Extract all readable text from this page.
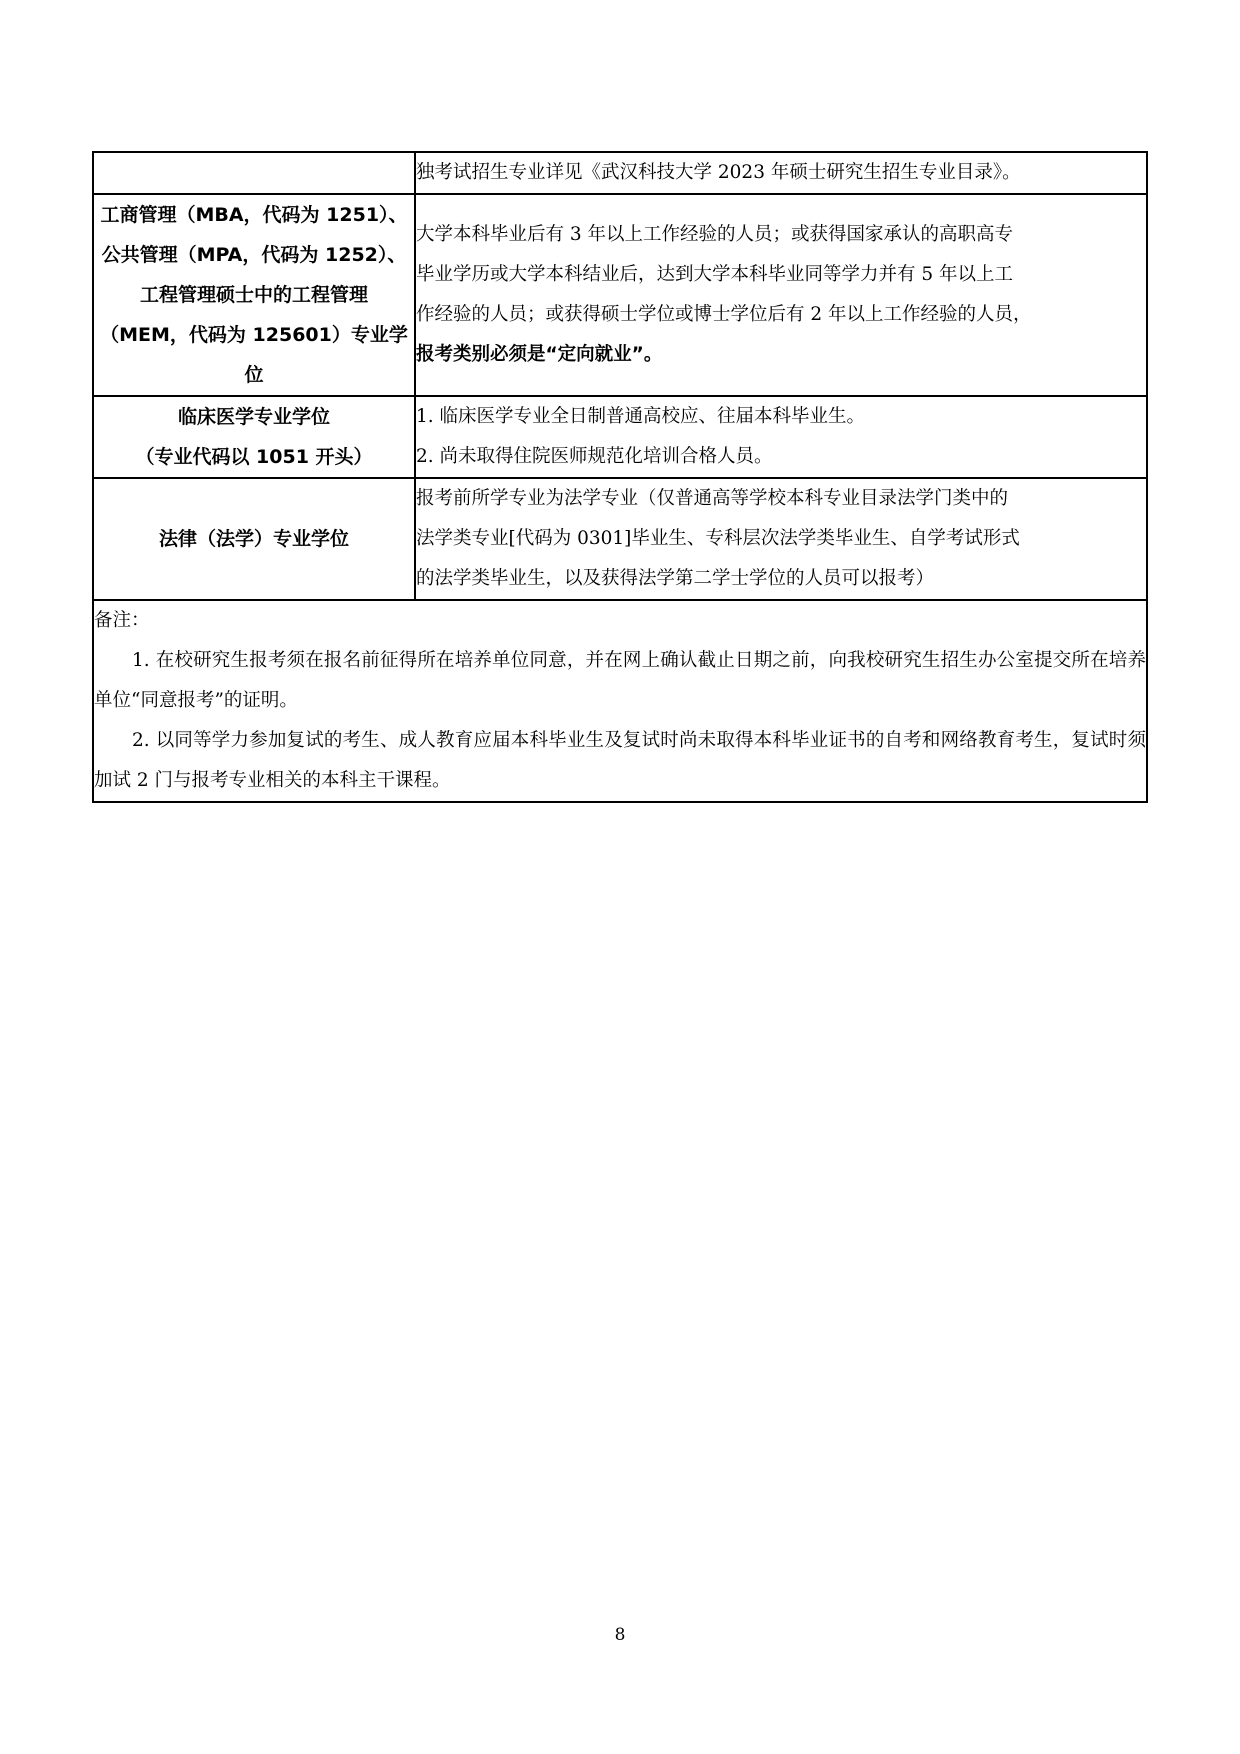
	独考试招生专业详见《武汉科技大学 2023 年硕士研究生招生专业目录》。

工商管理（MBA，代码为 1251）、
公共管理（MPA，代码为 1252）、
工程管理硕士中的工程管理
（MEM，代码为 125601）专业学
位	大学本科毕业后有 3 年以上工作经验的人员；或获得国家承认的高职高专
毕业学历或大学本科结业后，达到大学本科毕业同等学力并有 5 年以上工
作经验的人员；或获得硕士学位或博士学位后有 2 年以上工作经验的人员，
报考类别必须是“定向就业”。

临床医学专业学位
（专业代码以 1051 开头）	1. 临床医学专业全日制普通高校应、往届本科毕业生。
2. 尚未取得住院医师规范化培训合格人员。

法律（法学）专业学位	报考前所学专业为法学专业（仅普通高等学校本科专业目录法学门类中的
法学类专业[代码为 0301]毕业生、专科层次法学类毕业生、自学考试形式
的法学类毕业生，以及获得法学第二学士学位的人员可以报考）

备注：
1. 在校研究生报考须在报名前征得所在培养单位同意，并在网上确认截止日期之前，向我校研究生招生办公室提交所在培养单位“同意报考”的证明。
2. 以同等学力参加复试的考生、成人教育应届本科毕业生及复试时尚未取得本科毕业证书的自考和网络教育考生，复试时须加试 2 门与报考专业相关的本科主干课程。	
8
